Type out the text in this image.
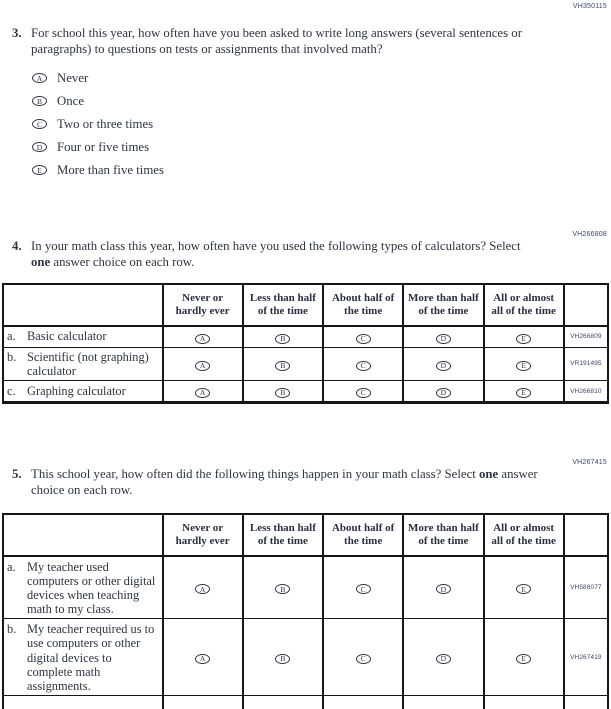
VH350115
3. For school this year, how often have you been asked to write long answers (several sentences or paragraphs) to questions on tests or assignments that involved math?
A	Never
B	Once
C	Two or three times
D	Four or five times
E	More than five times
VH266808
4. In your math class this year, how often have you used the following types of calculators? Select one answer choice on each row.
	Never or hardly ever	Less than half of the time	About half of the time	More than half of the time	All or almost all of the time	

a. Basic calculator	A	B	C	D	E	VH266809

b. Scientific (not graphing) calculator	A	B	C	D	E	VR191495

c. Graphing calculator	A	B	C	D	E	VH266810
VH267415
5. This school year, how often did the following things happen in your math class? Select one answer choice on each row.
	Never or hardly ever	Less than half of the time	About half of the time	More than half of the time	All or almost all of the time	

a. My teacher used computers or other digital devices when teaching math to my class.	A	B	C	D	E	VH588077

b. My teacher required us to use computers or other digital devices to complete math assignments.	A	B	C	D	E	VH267419
